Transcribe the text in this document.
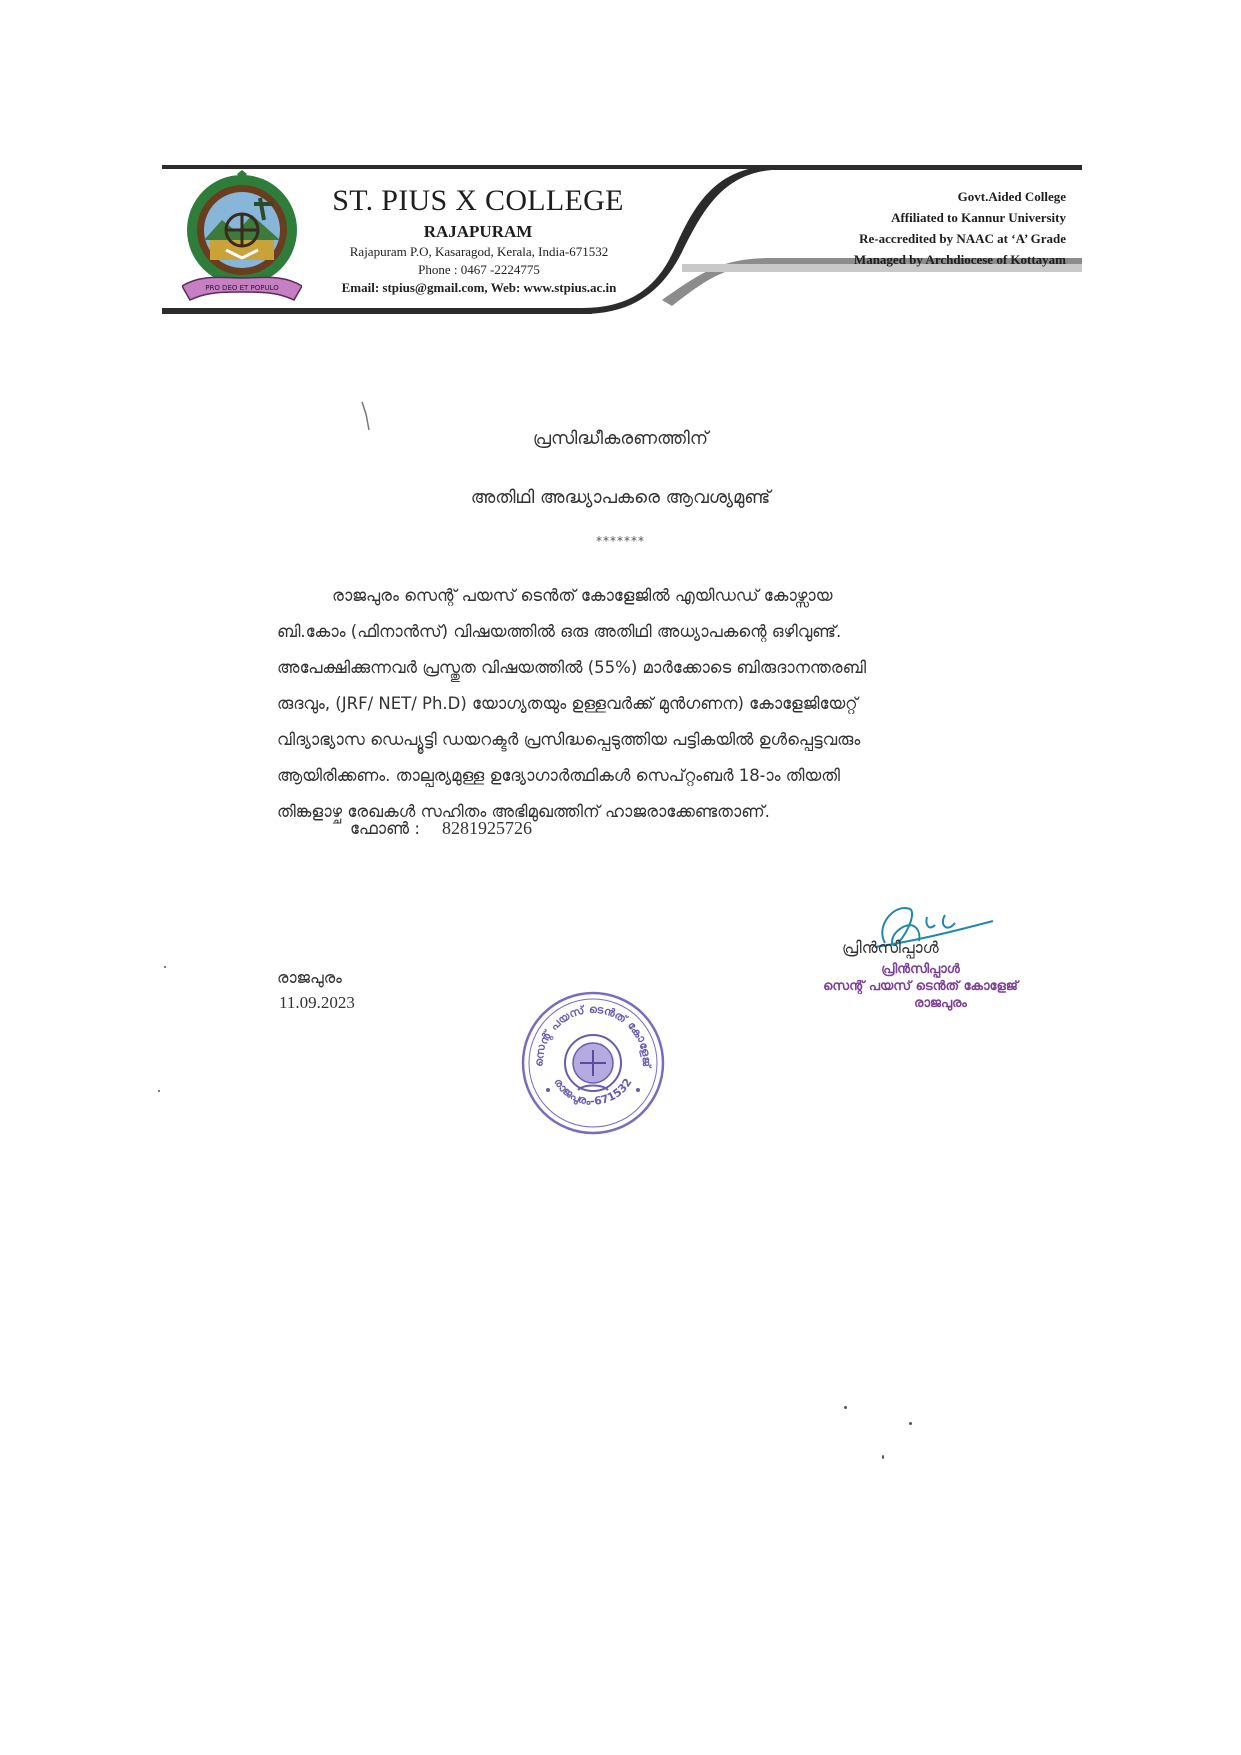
PRO DEO ET POPULO
ST. PIUS X COLLEGE
RAJAPURAM
Rajapuram P.O, Kasaragod, Kerala, India-671532
Phone : 0467 -2224775
Email: stpius@gmail.com, Web: www.stpius.ac.in
Govt.Aided College
Affiliated to Kannur University
Re-accredited by NAAC at ‘A’ Grade
Managed by Archdiocese of Kottayam
പ്രസിദ്ധീകരണത്തിന്
അതിഥി അദ്ധ്യാപകരെ ആവശ്യമുണ്ട്
*******
രാജപുരം സെന്റ് പയസ് ടെൻത് കോളേജിൽ എയിഡഡ് കോഴ്സായ
ബി.കോം (ഫിനാൻസ്) വിഷയത്തിൽ ഒരു അതിഥി അധ്യാപകന്റെ ഒഴിവുണ്ട്.
അപേക്ഷിക്കുന്നവർ പ്രസ്തുത വിഷയത്തിൽ (55%) മാർക്കോടെ ബിരുദാനന്തരബി
രുദവും, (JRF/ NET/ Ph.D) യോഗ്യതയും ഉള്ളവർക്ക് മുൻഗണന) കോളേജിയേറ്റ്
വിദ്യാഭ്യാസ ഡെപ്യൂട്ടി ഡയറക്ടർ പ്രസിദ്ധപ്പെടുത്തിയ പട്ടികയിൽ ഉൾപ്പെട്ടവരും
ആയിരിക്കണം. താല്പര്യമുള്ള ഉദ്യോഗാർത്ഥികൾ സെപ്റ്റംബർ 18-ാം തിയതി
തിങ്കളാഴ്ച രേഖകൾ സഹിതം അഭിമുഖത്തിന് ഹാജരാക്കേണ്ടതാണ്.
ഫോൺ : 8281925726
പ്രിൻസിപ്പാൾ
പ്രിൻസിപ്പാൾ
സെന്റ് പയസ് ടെൻത് കോളേജ്
രാജപുരം
രാജപുരം
11.09.2023
സെന്റ് പയസ് ടെൻത് കോളേജ്
രാജപുരം-671532
